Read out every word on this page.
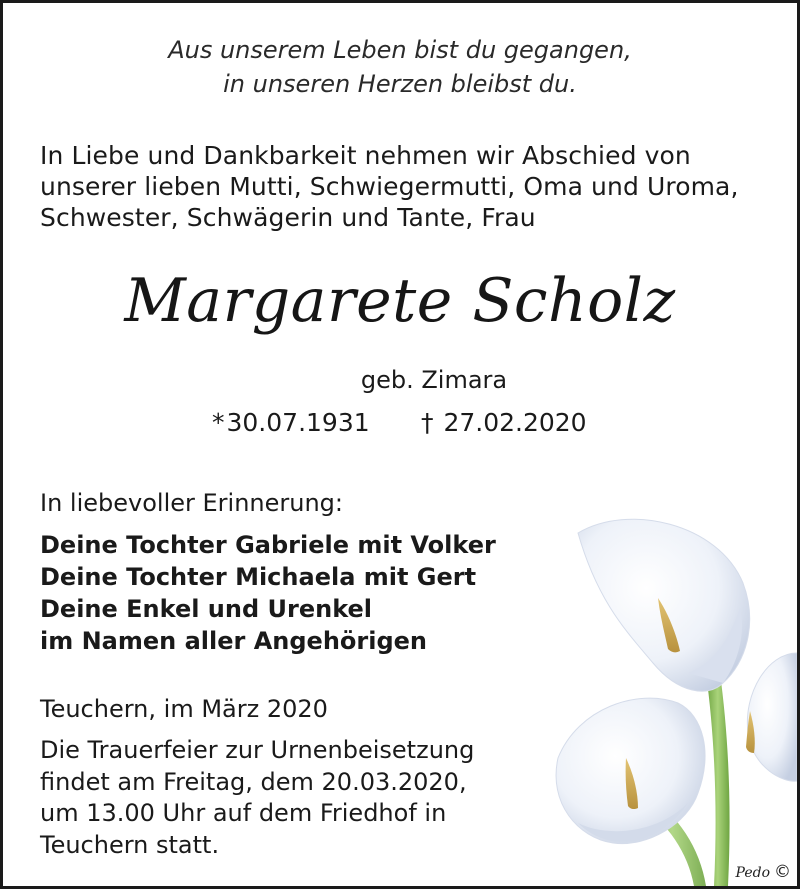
Aus unserem Leben bist du gegangen,
in unseren Herzen bleibst du.
In Liebe und Dankbarkeit nehmen wir Abschied von
unserer lieben Mutti, Schwiegermutti, Oma und Uroma,
Schwester, Schwägerin und Tante, Frau
Margarete Scholz
geb. Zimara
*30.07.1931 † 27.02.2020
In liebevoller Erinnerung:
Deine Tochter Gabriele mit Volker
Deine Tochter Michaela mit Gert
Deine Enkel und Urenkel
im Namen aller Angehörigen
Teuchern, im März 2020
Die Trauerfeier zur Urnenbeisetzung
findet am Freitag, dem 20.03.2020,
um 13.00 Uhr auf dem Friedhof in
Teuchern statt.
Pedo ©
